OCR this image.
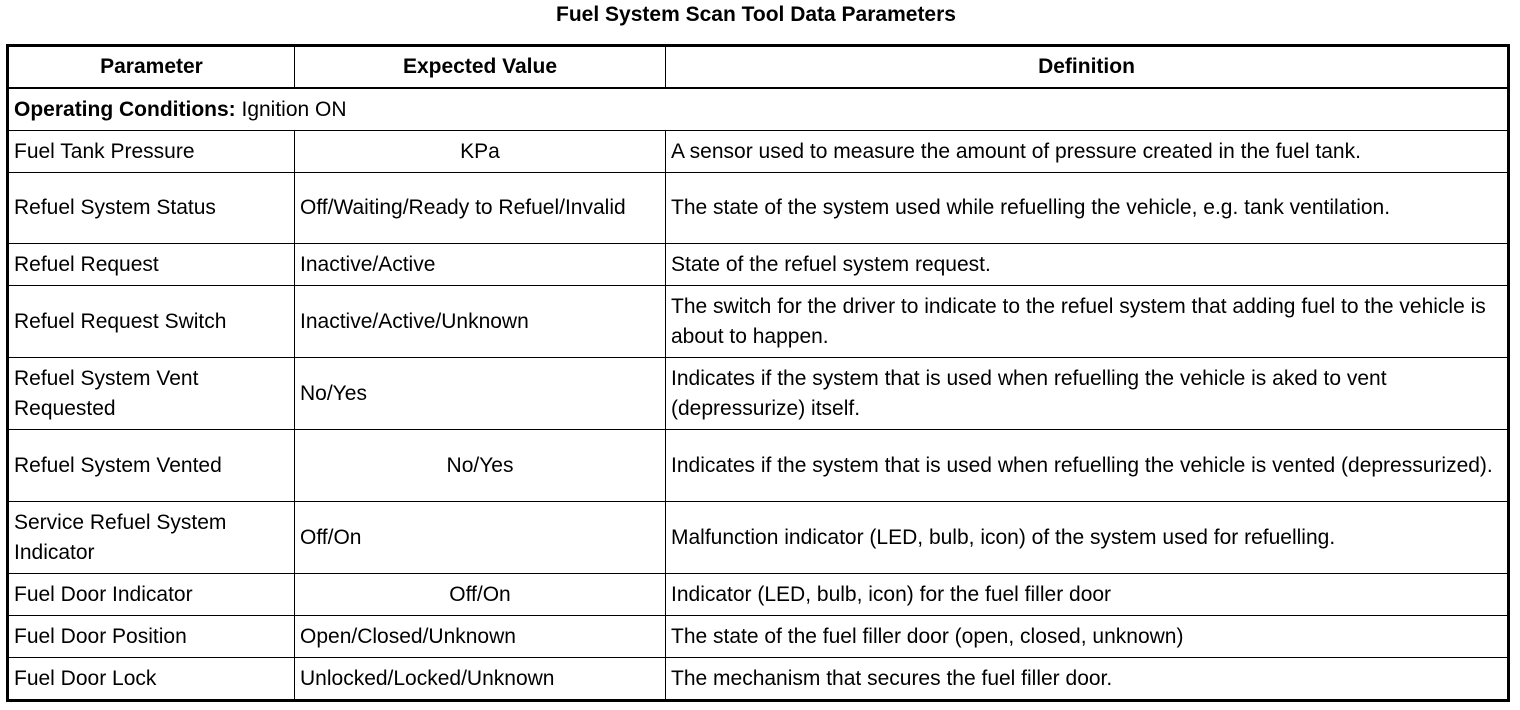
Fuel System Scan Tool Data Parameters
Parameter	Expected Value	Definition
Operating Conditions: Ignition ON		
Fuel Tank Pressure	KPa	A sensor used to measure the amount of pressure created in the fuel tank.
Refuel System Status	Off/Waiting/Ready to Refuel/Invalid	The state of the system used while refuelling the vehicle, e.g. tank ventilation.
Refuel Request	Inactive/Active	State of the refuel system request.
Refuel Request Switch	Inactive/Active/Unknown	The switch for the driver to indicate to the refuel system that adding fuel to the vehicle is about to happen.
Refuel System Vent Requested	No/Yes	Indicates if the system that is used when refuelling the vehicle is aked to vent (depressurize) itself.
Refuel System Vented	No/Yes	Indicates if the system that is used when refuelling the vehicle is vented (depressurized).
Service Refuel System Indicator	Off/On	Malfunction indicator (LED, bulb, icon) of the system used for refuelling.
Fuel Door Indicator	Off/On	Indicator (LED, bulb, icon) for the fuel filler door
Fuel Door Position	Open/Closed/Unknown	The state of the fuel filler door (open, closed, unknown)
Fuel Door Lock	Unlocked/Locked/Unknown	The mechanism that secures the fuel filler door.
